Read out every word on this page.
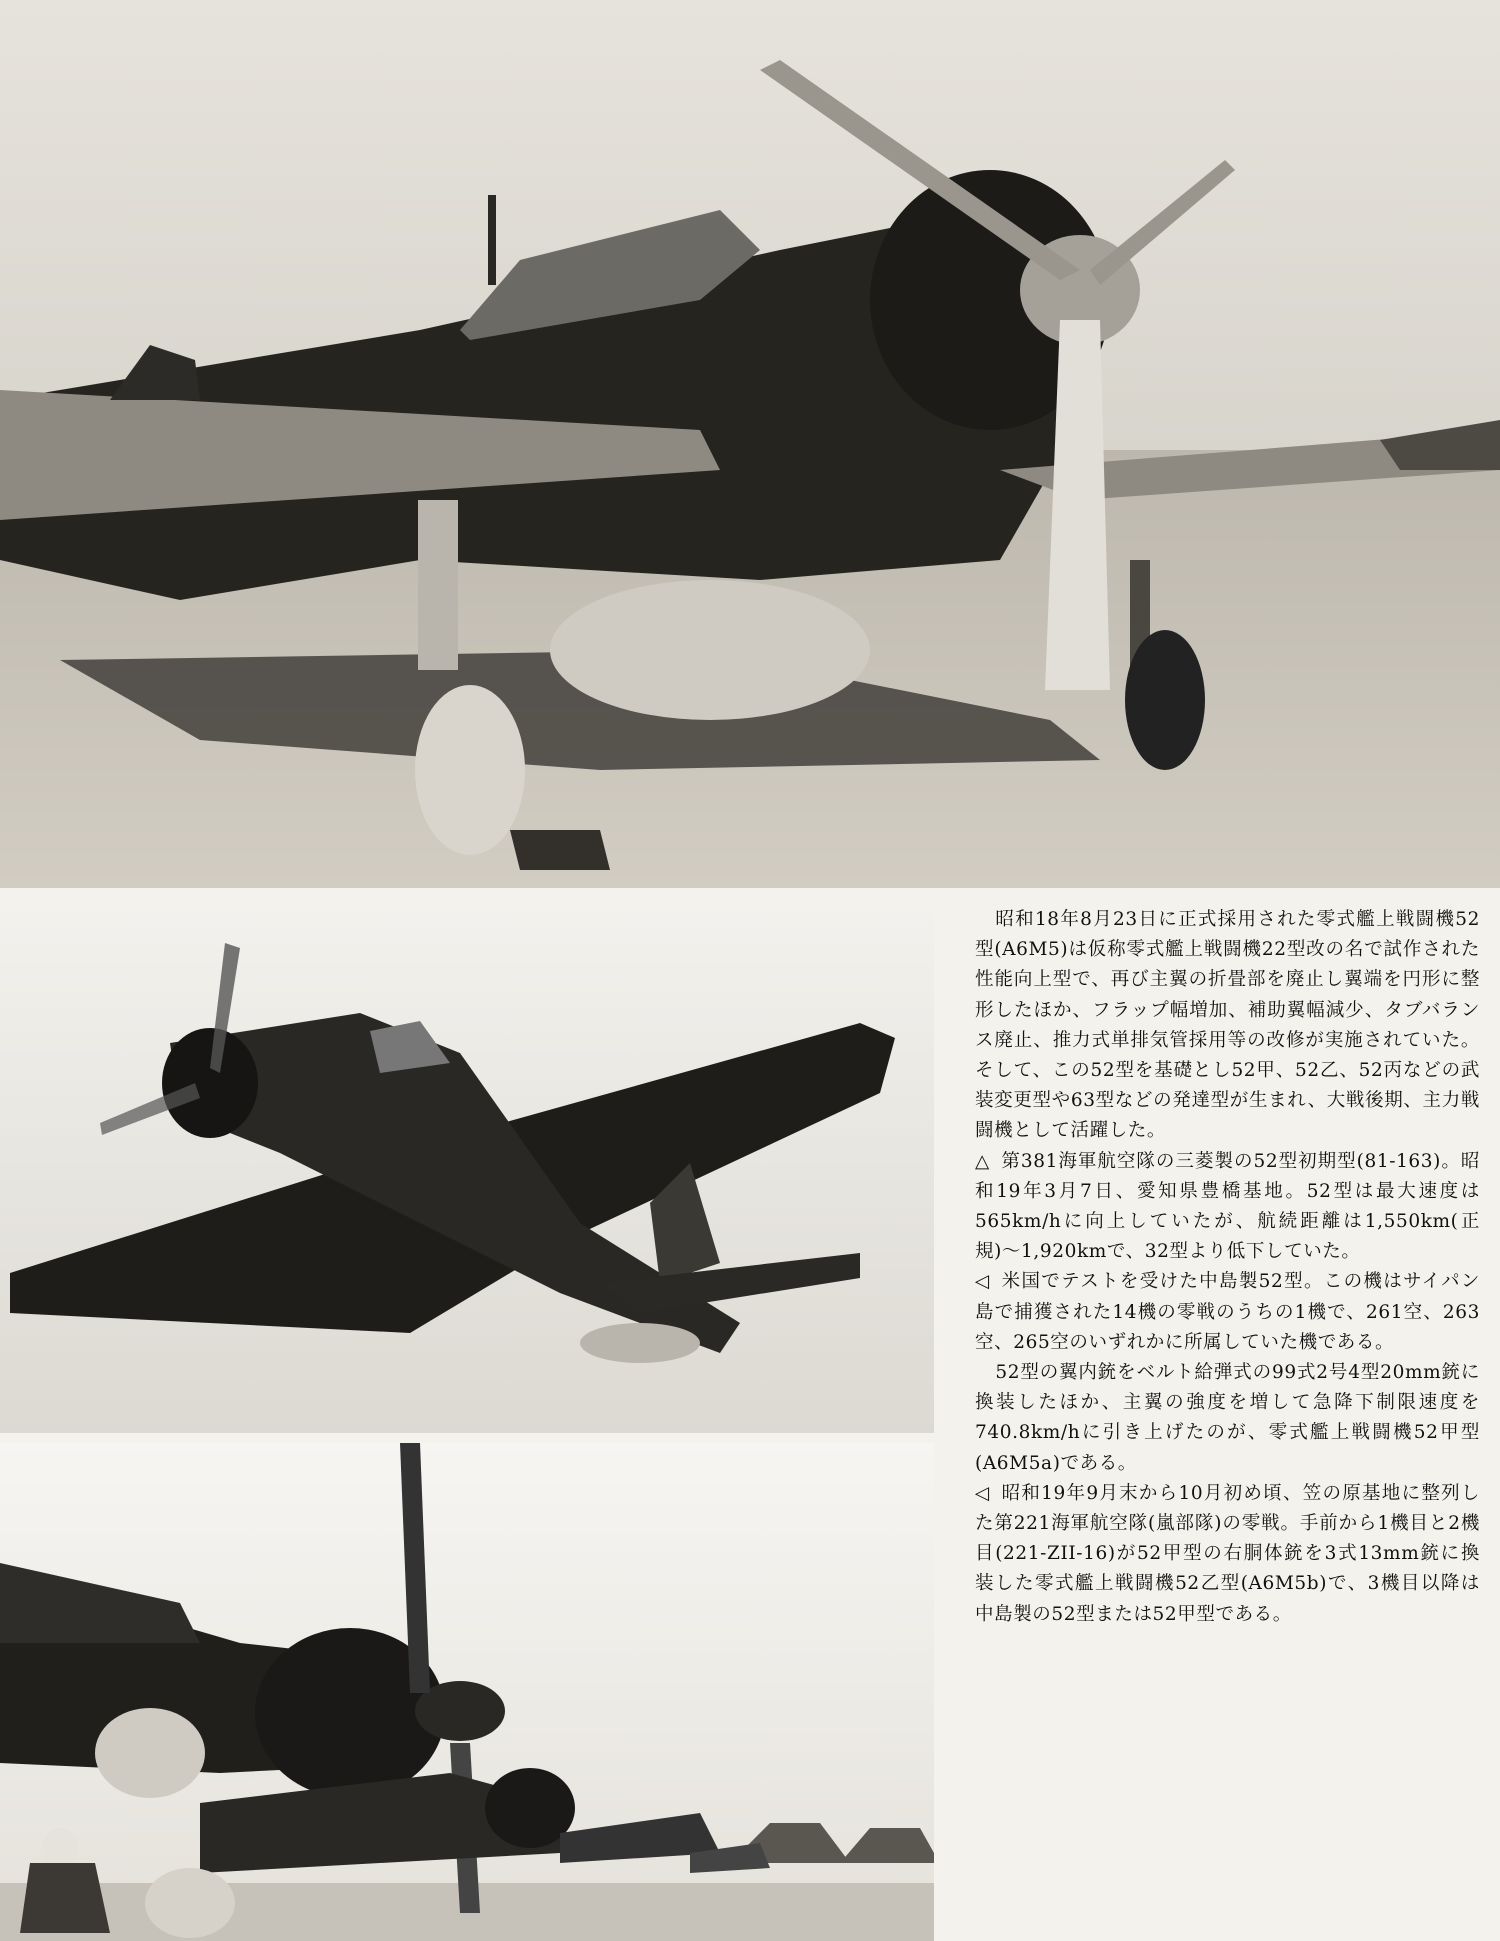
昭和18年8月23日に正式採用された零式艦上戦闘機52型(A6M5)は仮称零式艦上戦闘機22型改の名で試作された性能向上型で、再び主翼の折畳部を廃止し翼端を円形に整形したほか、フラップ幅増加、補助翼幅減少、タブバランス廃止、推力式単排気管採用等の改修が実施されていた。そして、この52型を基礎とし52甲、52乙、52丙などの武装変更型や63型などの発達型が生まれ、大戦後期、主力戦闘機として活躍した。

△ 第381海軍航空隊の三菱製の52型初期型(81-163)。昭和19年3月7日、愛知県豊橋基地。52型は最大速度は565km/hに向上していたが、航続距離は1,550km(正規)〜1,920kmで、32型より低下していた。

◁ 米国でテストを受けた中島製52型。この機はサイパン島で捕獲された14機の零戦のうちの1機で、261空、263空、265空のいずれかに所属していた機である。

52型の翼内銃をベルト給弾式の99式2号4型20mm銃に換装したほか、主翼の強度を増して急降下制限速度を740.8km/hに引き上げたのが、零式艦上戦闘機52甲型(A6M5a)である。

◁ 昭和19年9月末から10月初め頃、笠の原基地に整列した第221海軍航空隊(嵐部隊)の零戦。手前から1機目と2機目(221-ZII-16)が52甲型の右胴体銃を3式13mm銃に換装した零式艦上戦闘機52乙型(A6M5b)で、3機目以降は中島製の52型または52甲型である。
